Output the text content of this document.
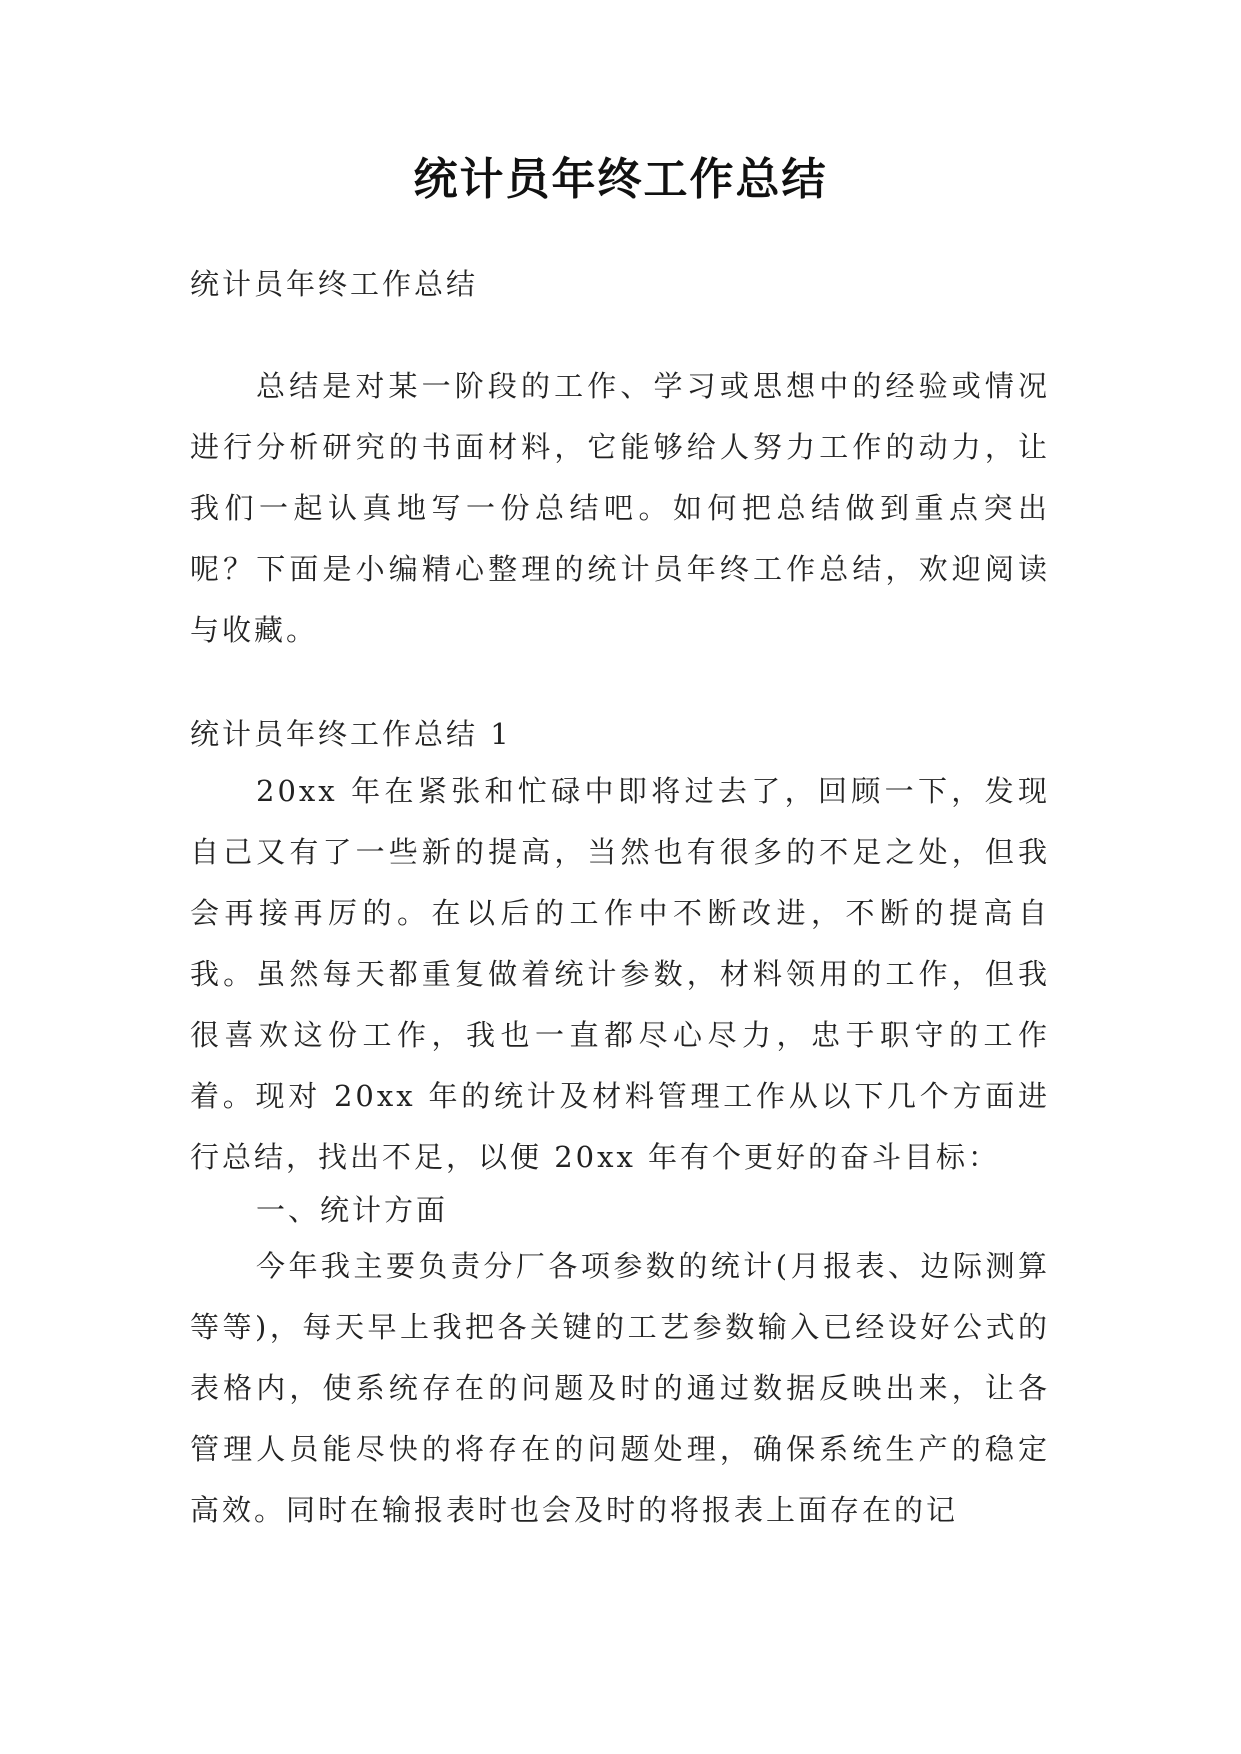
统计员年终工作总结

统计员年终工作总结

总结是对某一阶段的工作、学习或思想中的经验或情况进行分析研究的书面材料，它能够给人努力工作的动力，让我们一起认真地写一份总结吧。如何把总结做到重点突出呢？下面是小编精心整理的统计员年终工作总结，欢迎阅读与收藏。

统计员年终工作总结 1

20xx 年在紧张和忙碌中即将过去了，回顾一下，发现自己又有了一些新的提高，当然也有很多的不足之处，但我会再接再厉的。在以后的工作中不断改进，不断的提高自我。虽然每天都重复做着统计参数，材料领用的工作，但我很喜欢这份工作，我也一直都尽心尽力，忠于职守的工作着。现对 20xx 年的统计及材料管理工作从以下几个方面进行总结，找出不足，以便 20xx 年有个更好的奋斗目标：

一、统计方面

今年我主要负责分厂各项参数的统计(月报表、边际测算等等)，每天早上我把各关键的工艺参数输入已经设好公式的表格内，使系统存在的问题及时的通过数据反映出来，让各管理人员能尽快的将存在的问题处理，确保系统生产的稳定高效。同时在输报表时也会及时的将报表上面存在的记
